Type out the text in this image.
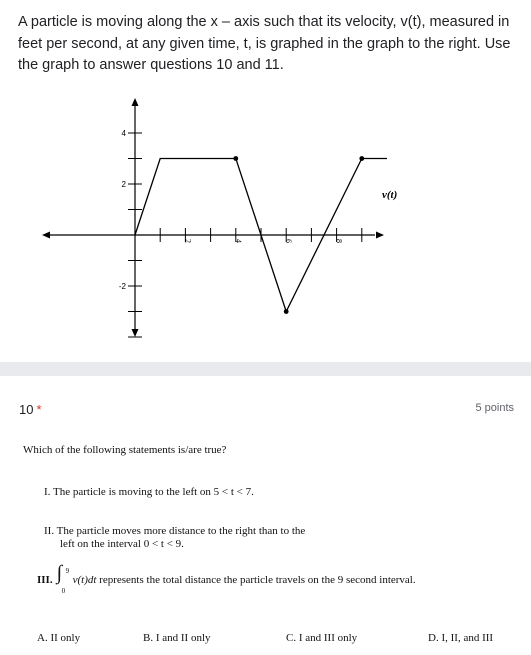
A particle is moving along the x – axis such that its velocity, v(t), measured in feet per second, at any given time, t, is graphed in the graph to the right. Use the graph to answer questions 10 and 11.
2	4	6	8
4
2
-2
v(t)
10 *	5 points
Which of the following statements is/are true?
I. The particle is moving to the left on 5 < t < 7.
II. The particle moves more distance to the right than to the
left on the interval 0 < t < 9.
III. ∫ 9
0
v(t)dt
represents the total distance the particle travels on the 9 second interval.
A. II only	B. I and II only	C. I and III only	D. I, II, and III
